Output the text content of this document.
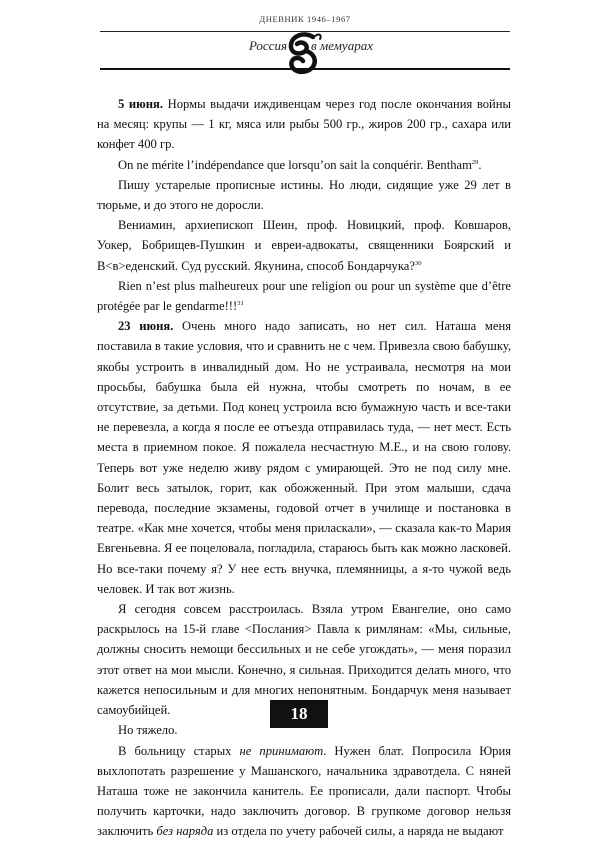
ДНЕВНИК 1946–1967
Россия в мемуарах

5 июня. Нормы выдачи иждивенцам через год после окончания войны на месяц: крупы — 1 кг, мяса или рыбы 500 гр., жиров 200 гр., сахара или конфет 400 гр.

On ne mérite l’indépendance que lorsqu’on sait la conquérir. Bentham$^{29}$.

Пишу устарелые прописные истины. Но люди, сидящие уже 29 лет в тюрьме, и до этого не доросли.

Вениамин, архиепископ Шеин, проф. Новицкий, проф. Ковшаров, Уокер, Бобрищев-Пушкин и евреи-адвокаты, священники Боярский и В<в>еденский. Суд русский. Якунина, способ Бондарчука?$^{30}$

Rien n’est plus malheureux pour une religion ou pour un système que d’être protégée par le gendarme!!!$^{31}$

23 июня. Очень много надо записать, но нет сил. Наташа меня поставила в такие условия, что и сравнить не с чем. Привезла свою бабушку, якобы устроить в инвалидный дом. Но не устраивала, несмотря на мои просьбы, бабушка была ей нужна, чтобы смотреть по ночам, в ее отсутствие, за детьми. Под конец устроила всю бумажную часть и все-таки не перевезла, а когда я после ее отъезда отправилась туда, — нет мест. Есть места в приемном покое. Я пожалела несчастную М.Е., и на свою голову. Теперь вот уже неделю живу рядом с умирающей. Это не под силу мне. Болит весь затылок, горит, как обожженный. При этом малыши, сдача перевода, последние экзамены, годовой отчет в училище и постановка в театре. «Как мне хочется, чтобы меня приласкали», — сказала как-то Мария Евгеньевна. Я ее поцеловала, погладила, стараюсь быть как можно ласковей. Но все-таки почему я? У нее есть внучка, племянницы, а я-то чужой ведь человек. И так вот жизнь.

Я сегодня совсем расстроилась. Взяла утром Евангелие, оно само раскрылось на 15-й главе <Послания> Павла к римлянам: «Мы, сильные, должны сносить немощи бессильных и не себе угождать», — меня поразил этот ответ на мои мысли. Конечно, я сильная. Приходится делать много, что кажется непосильным и для многих непонятным. Бондарчук меня называет самоубийцей.

Но тяжело.

В больницу старых не принимают. Нужен блат. Попросила Юрия выхлопотать разрешение у Машанского, начальника здравотдела. С няней Наташа тоже не закончила канитель. Ее прописали, дали паспорт. Чтобы получить карточки, надо заключить договор. В групкоме договор нельзя заключить без наряда из отдела по учету рабочей силы, а наряда не выдают

18
